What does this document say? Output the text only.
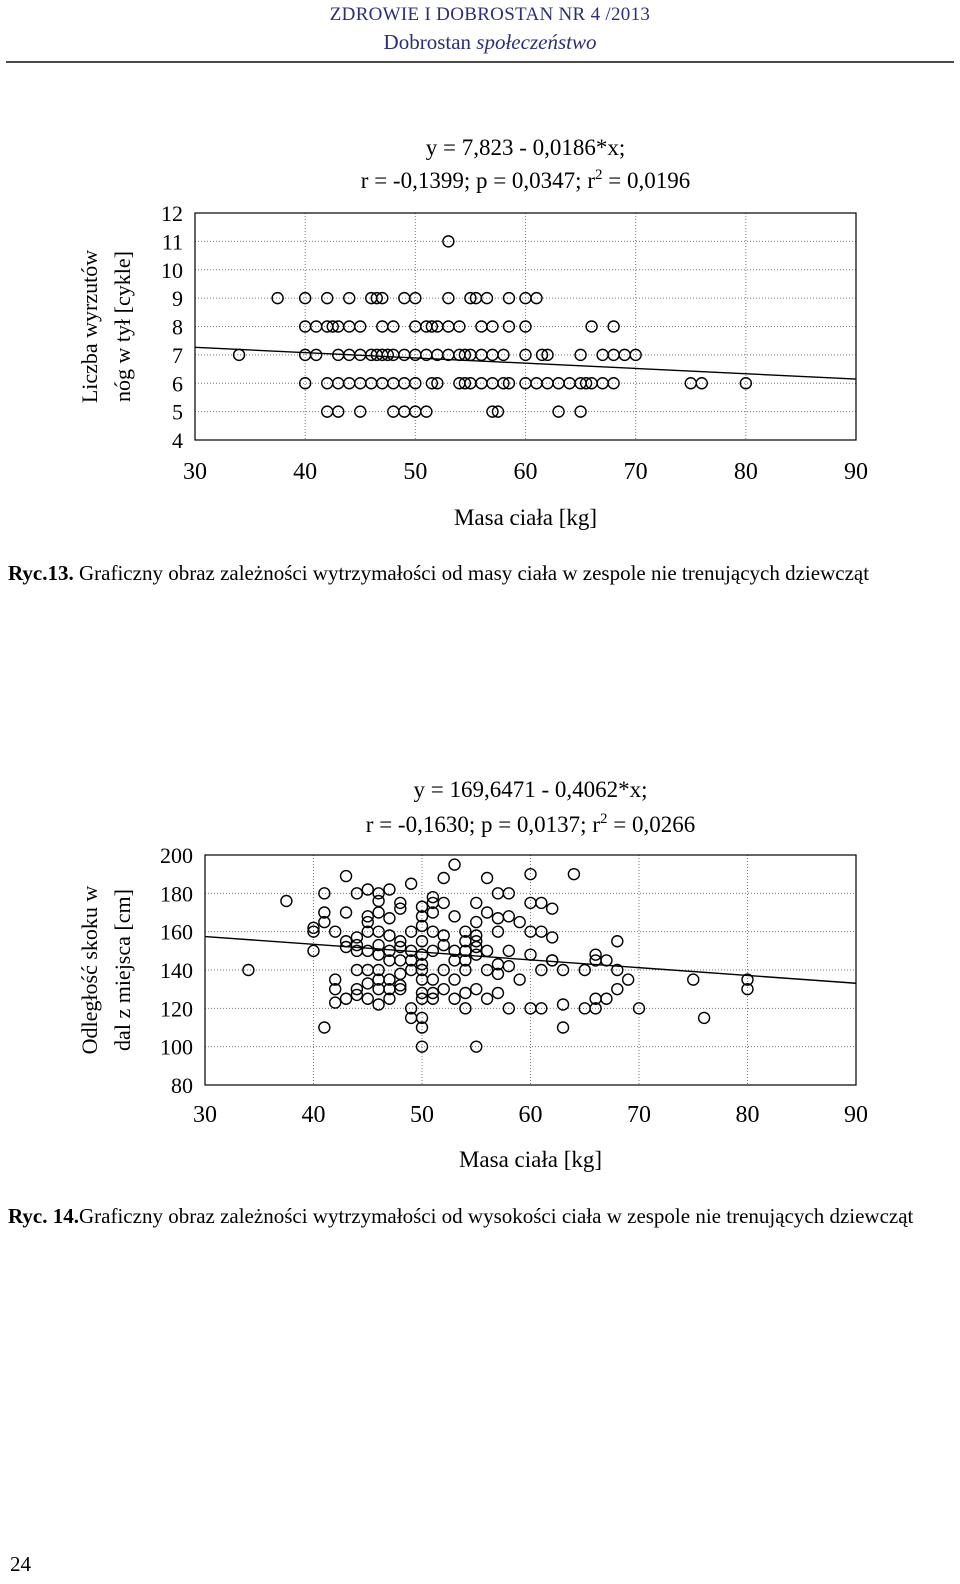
ZDROWIE I DOBROSTAN NR 4 /2013
Dobrostan społeczeństwo
y = 7,823 - 0,0186*x;
r = -0,1399; p = 0,0347; $r^2 = 0,0196$
4
5
6
7
8
9
10
11
12
30	40	50	60	70	80	90
Masa ciała [kg]
Liczba wyrzutów nóg w tył [cykle]
Ryc.13. Graficzny obraz zależności wytrzymałości od masy ciała w zespole nie trenujących dziewcząt
y = 169,6471 - 0,4062*x;
r = -0,1630; p = 0,0137; $r^2 = 0,0266$
80
100
120
140
160
180
200
30	40	50	60	70	80	90
Masa ciała [kg]
Odległość skoku w dal z miejsca [cm]
Ryc. 14.Graficzny obraz zależności wytrzymałości od wysokości ciała w zespole nie trenujących dziewcząt
24
